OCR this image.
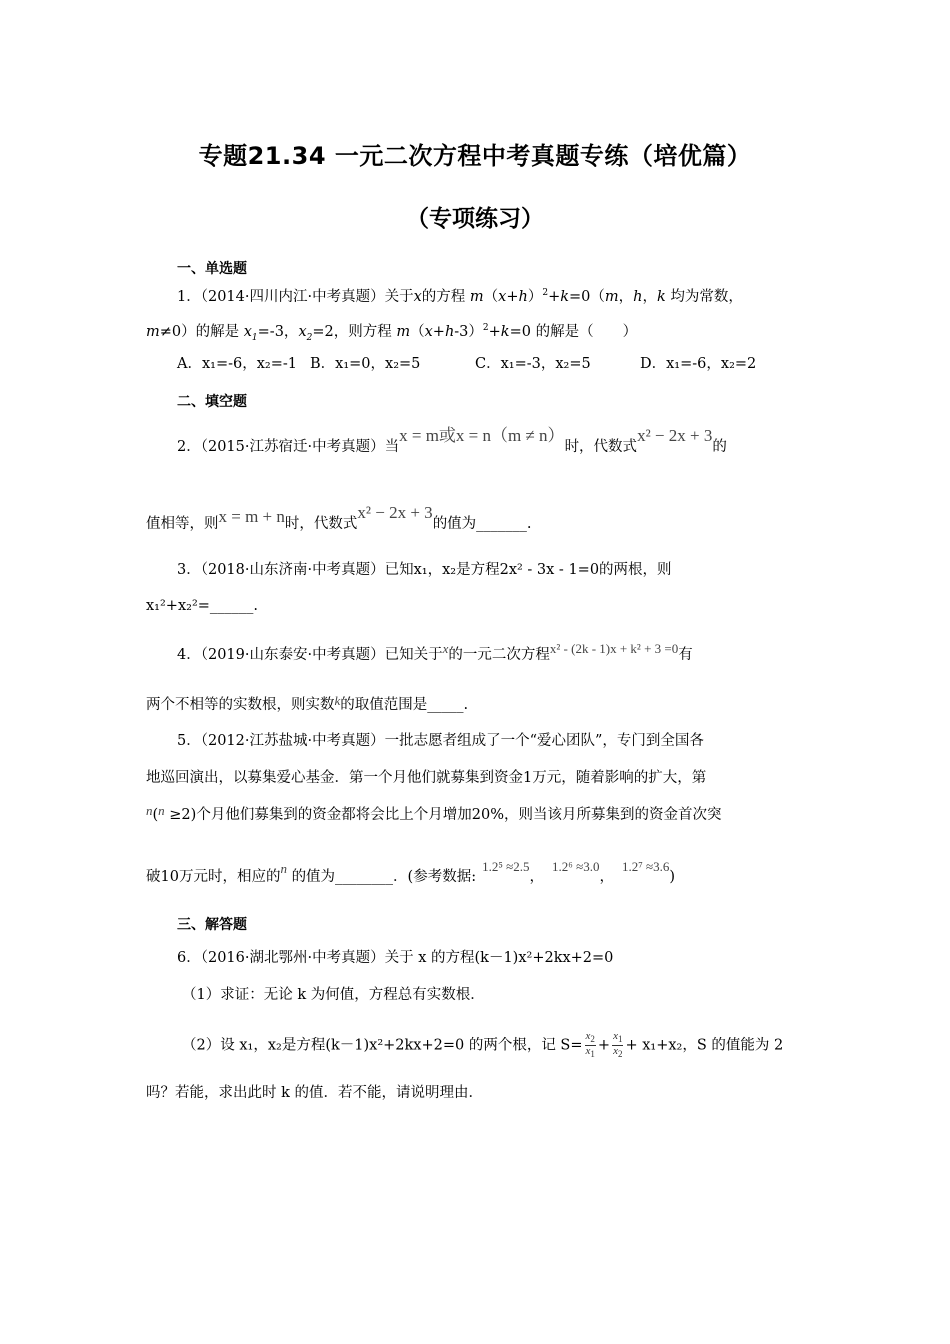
专题21.34 一元二次方程中考真题专练（培优篇）
（专项练习）
一、单选题
1．（2014·四川内江·中考真题）关于x的方程 $m(x+h)^2+k=0(m$，h，k 均为常数，
m≠0）的解是 $x_1=-3$，$x_2=2$，则方程 $m(x+h-3)^2+k=0$ 的解是（　　）
A．x₁=-6，x₂=-1 B．x₁=0，x₂=5	C．x₁=-3，x₂=5	D．x₁=-6，x₂=2
二、填空题
2．（2015·江苏宿迁·中考真题）当x = m或x = n（m ≠ n）时，代数式x² − 2x + 3的
值相等，则x = m + n时，代数式x² − 2x + 3的值为_______.
3．（2018·山东济南·中考真题）已知x₁，x₂是方程2x² - 3x - 1=0的两根，则
x₁²+x₂²=______.
4．（2019·山东泰安·中考真题）已知关于x的一元二次方程x² - (2k - 1)x + k² + 3 =0有
两个不相等的实数根，则实数k的取值范围是_____.
5．（2012·江苏盐城·中考真题）一批志愿者组成了一个“爱心团队”，专门到全国各
地巡回演出，以募集爱心基金．第一个月他们就募集到资金1万元，随着影响的扩大，第
n(n ≥2)个月他们募集到的资金都将会比上个月增加20%，则当该月所募集到的资金首次突
破10万元时，相应的n 的值为________．(参考数据:1.2⁵ ≈2.5，1.2⁶ ≈3.0，1.2⁷ ≈3.6)
三、解答题
6．（2016·湖北鄂州·中考真题）关于 x 的方程(k－1)x²+2kx+2=0
（1）求证：无论 k 为何值，方程总有实数根．
（2）设 x₁，x₂是方程(k－1)x²+2kx+2=0 的两个根，记 $S= \frac{x_2}{x_1} + \frac{x_1}{x_2} + x_1+x_2$，S 的值能为 2
吗？若能，求出此时 k 的值．若不能，请说明理由．
